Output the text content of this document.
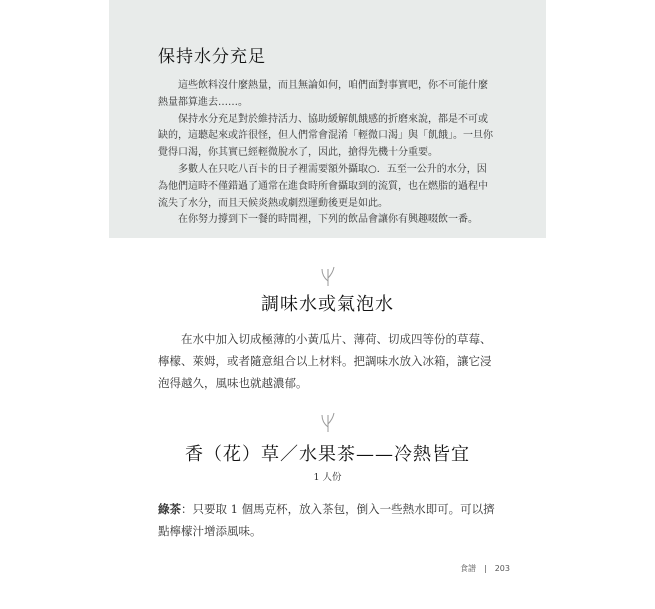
保持水分充足

這些飲料沒什麼熱量，而且無論如何，咱們面對事實吧，你不可能什麼熱量都算進去……。

保持水分充足對於維持活力、協助緩解飢餓感的折磨來說，都是不可或缺的，這聽起來或許很怪，但人們常會混淆「輕微口渴」與「飢餓」。一旦你覺得口渴，你其實已經輕微脫水了，因此，搶得先機十分重要。

多數人在只吃八百卡的日子裡需要額外攝取○．五至一公升的水分，因為他們這時不僅錯過了通常在進食時所會攝取到的流質，也在燃脂的過程中流失了水分，而且天候炎熱或劇烈運動後更是如此。

在你努力撐到下一餐的時間裡，下列的飲品會讓你有興趣啜飲一番。

調味水或氣泡水

在水中加入切成極薄的小黃瓜片、薄荷、切成四等份的草莓、檸檬、萊姆，或者隨意組合以上材料。把調味水放入冰箱，讓它浸泡得越久，風味也就越濃郁。

香（花）草／水果茶——冷熱皆宜
1 人份

綠茶：只要取 1 個馬克杯，放入茶包，倒入一些熱水即可。可以擠點檸檬汁增添風味。

食譜 | 203
